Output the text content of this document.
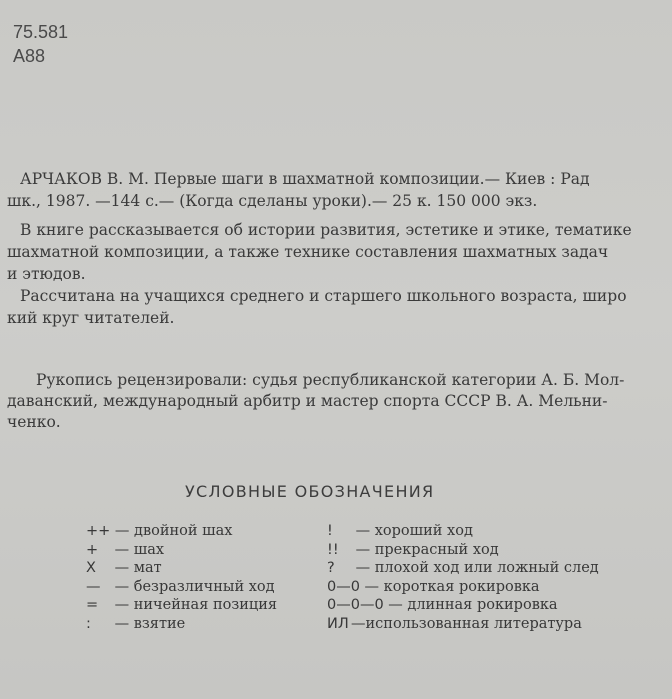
75.581
А88
АРЧАКОВ В. М. Первые шаги в шахматной композиции.— Киев : Рад
шк., 1987. —144 с.— (Когда сделаны уроки).— 25 к. 150 000 экз.
В книге рассказывается об истории развития, эстетике и этике, тематике
шахматной композиции, а также технике составления шахматных задач
и этюдов.
Рассчитана на учащихся среднего и старшего школьного возраста, широ
кий круг читателей.
Рукопись рецензировали: судья республиканской категории А. Б. Мол-
даванский, международный арбитр и мастер спорта СССР В. А. Мельни-
ченко.
УСЛОВНЫЕ ОБОЗНАЧЕНИЯ
++ — двойной шах
+ — шах
X — мат
— — безразличный ход
= — ничейная позиция
: — взятие
! — хороший ход
!! — прекрасный ход
? — плохой ход или ложный след
0—0 — короткая рокировка
0—0—0 — длинная рокировка
ИЛ —использованная литература
